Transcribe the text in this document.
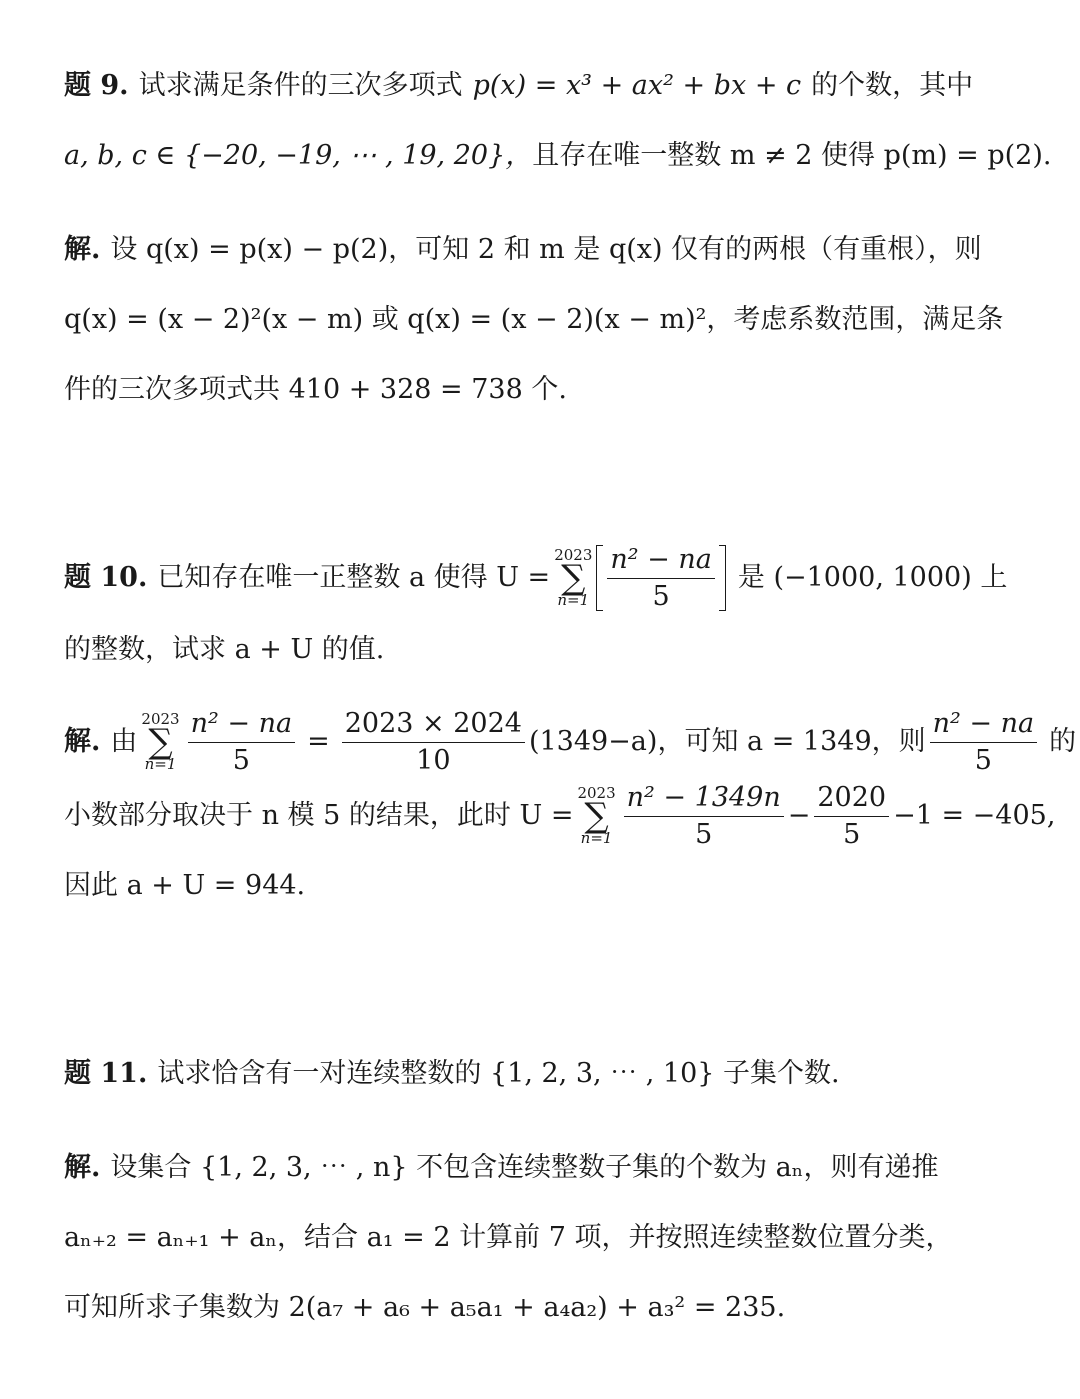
题 9. 试求满足条件的三次多项式 p(x) = x³ + ax² + bx + c 的个数，其中
a, b, c ∈ {−20, −19, ⋯ , 19, 20}， 且存在唯一整数 m ≠ 2 使得 p(m) = p(2).
解. 设 q(x) = p(x) − p(2)，可知 2 和 m 是 q(x) 仅有的两根（有重根），则
q(x) = (x − 2)²(x − m) 或 q(x) = (x − 2)(x − m)²，考虑系数范围，满足条
件的三次多项式共 410 + 328 = 738 个.
题 10. 已知存在唯一正整数 a 使得 U =
2023
∑
$n=1 \frac{\text{n² − na}}{5}$ 是 (−1000, 1000) 上
的整数，试求 a + U 的值.
解. 由
2023
∑
$n=1 \frac{\text{n² − na}}{5} = \frac{2023 \times 2024}{10} (1349-a)$，可知 a = 1349，则 $\frac{\text{n² − na}}{5}$ 的
小数部分取决于 n 模 5 的结果，此时 U =
2023
∑
$n=1 \frac{\text{n² − 1349n}}{5} - \frac{2020}{5} -1 = -405$,
因此 a + U = 944.
题 11. 试求恰含有一对连续整数的 {1, 2, 3, ⋯ , 10} 子集个数.
解. 设集合 {1, 2, 3, ⋯ , n} 不包含连续整数子集的个数为 aₙ，则有递推
aₙ₊₂ = aₙ₊₁ + aₙ，结合 a₁ = 2 计算前 7 项，并按照连续整数位置分类，
可知所求子集数为 2(a₇ + a₆ + a₅a₁ + a₄a₂) + a₃² = 235.
